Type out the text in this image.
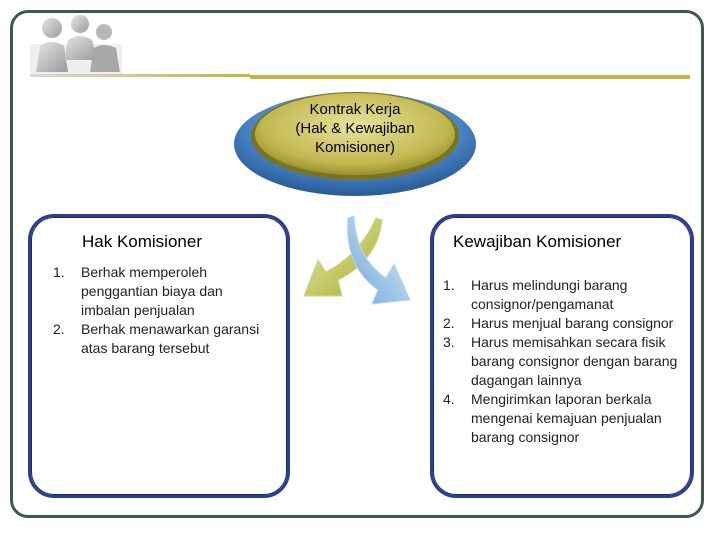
Kontrak Kerja
(Hak & Kewajiban
Komisioner)
Hak Komisioner	Kewajiban Komisioner
1. Berhak memperoleh penggantian biaya dan imbalan penjualan
2. Berhak menawarkan garansi atas barang tersebut
1. Harus melindungi barang consignor/pengamanat
2. Harus menjual barang consignor
3. Harus memisahkan secara fisik barang consignor dengan barang dagangan lainnya
4. Mengirimkan laporan berkala mengenai kemajuan penjualan barang consignor
